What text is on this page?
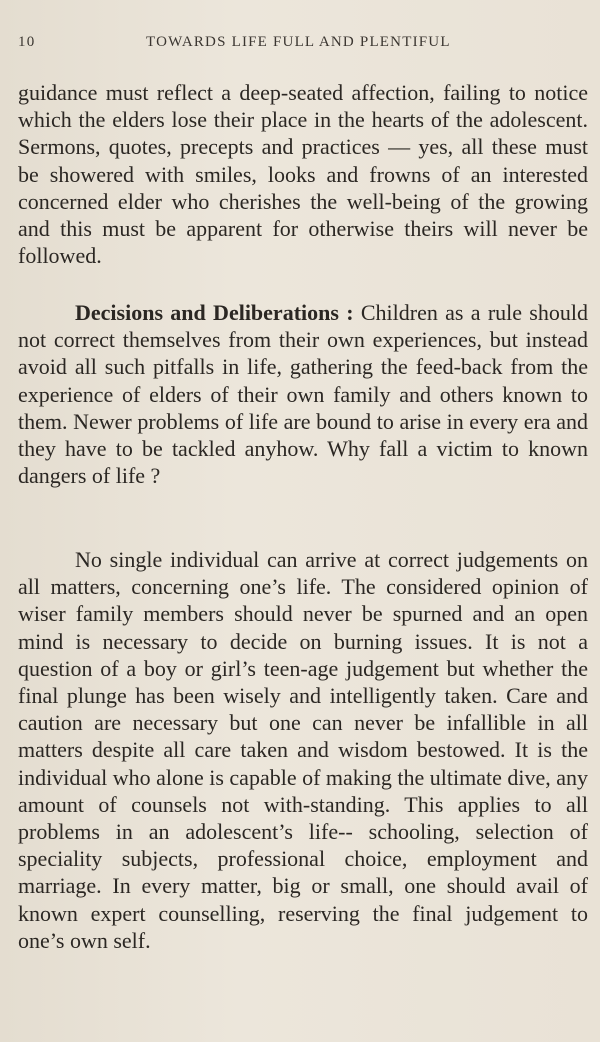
10	TOWARDS LIFE FULL AND PLENTIFUL

guidance must reflect a deep-seated affection, failing to notice which the elders lose their place in the hearts of the adolescent. Sermons, quotes, precepts and practices — yes, all these must be showered with smiles, looks and frowns of an interested concerned elder who cherishes the well-being of the growing and this must be apparent for otherwise theirs will never be followed.

Decisions and Deliberations : Children as a rule should not correct themselves from their own experiences, but instead avoid all such pitfalls in life, gathering the feed-back from the experience of elders of their own family and others known to them. Newer problems of life are bound to arise in every era and they have to be tackled anyhow. Why fall a victim to known dangers of life ?

No single individual can arrive at correct judgements on all matters, concerning one’s life. The considered opinion of wiser family members should never be spurned and an open mind is necessary to decide on burning issues. It is not a question of a boy or girl’s teen-age judgement but whether the final plunge has been wisely and intelligently taken. Care and caution are necessary but one can never be infallible in all matters despite all care taken and wisdom bestowed. It is the individual who alone is capable of making the ultimate dive, any amount of counsels not with-standing. This applies to all problems in an adolescent’s life-- schooling, selection of speciality subjects, professional choice, employment and marriage. In every matter, big or small, one should avail of known expert counselling, reserving the final judgement to one’s own self.
